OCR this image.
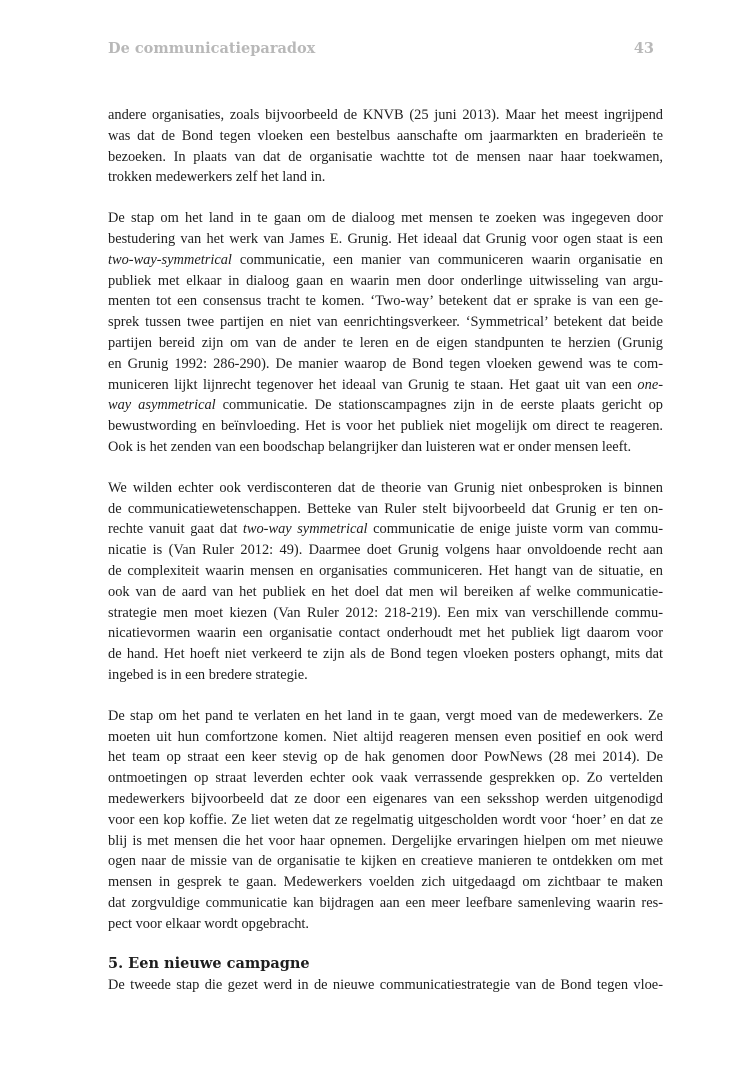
De communicatieparadox	43

andere organisaties, zoals bijvoorbeeld de KNVB (25 juni 2013). Maar het meest ingrijpend
was dat de Bond tegen vloeken een bestelbus aanschafte om jaarmarkten en braderieën te
bezoeken. In plaats van dat de organisatie wachtte tot de mensen naar haar toekwamen,
trokken medewerkers zelf het land in.

De stap om het land in te gaan om de dialoog met mensen te zoeken was ingegeven door
bestudering van het werk van James E. Grunig. Het ideaal dat Grunig voor ogen staat is een
two-way-symmetrical communicatie, een manier van communiceren waarin organisatie en
publiek met elkaar in dialoog gaan en waarin men door onderlinge uitwisseling van argu-
menten tot een consensus tracht te komen. ‘Two-way’ betekent dat er sprake is van een ge-
sprek tussen twee partijen en niet van eenrichtingsverkeer. ‘Symmetrical’ betekent dat beide
partijen bereid zijn om van de ander te leren en de eigen standpunten te herzien (Grunig
en Grunig 1992: 286-290). De manier waarop de Bond tegen vloeken gewend was te com-
municeren lijkt lijnrecht tegenover het ideaal van Grunig te staan. Het gaat uit van een one-
way asymmetrical communicatie. De stationscampagnes zijn in de eerste plaats gericht op
bewustwording en beïnvloeding. Het is voor het publiek niet mogelijk om direct te reageren.
Ook is het zenden van een boodschap belangrijker dan luisteren wat er onder mensen leeft.

We wilden echter ook verdisconteren dat de theorie van Grunig niet onbesproken is binnen
de communicatiewetenschappen. Betteke van Ruler stelt bijvoorbeeld dat Grunig er ten on-
rechte vanuit gaat dat two-way symmetrical communicatie de enige juiste vorm van commu-
nicatie is (Van Ruler 2012: 49). Daarmee doet Grunig volgens haar onvoldoende recht aan
de complexiteit waarin mensen en organisaties communiceren. Het hangt van de situatie, en
ook van de aard van het publiek en het doel dat men wil bereiken af welke communicatie-
strategie men moet kiezen (Van Ruler 2012: 218-219). Een mix van verschillende commu-
nicatievormen waarin een organisatie contact onderhoudt met het publiek ligt daarom voor
de hand. Het hoeft niet verkeerd te zijn als de Bond tegen vloeken posters ophangt, mits dat
ingebed is in een bredere strategie.

De stap om het pand te verlaten en het land in te gaan, vergt moed van de medewerkers. Ze
moeten uit hun comfortzone komen. Niet altijd reageren mensen even positief en ook werd
het team op straat een keer stevig op de hak genomen door PowNews (28 mei 2014). De
ontmoetingen op straat leverden echter ook vaak verrassende gesprekken op. Zo vertelden
medewerkers bijvoorbeeld dat ze door een eigenares van een seksshop werden uitgenodigd
voor een kop koffie. Ze liet weten dat ze regelmatig uitgescholden wordt voor ‘hoer’ en dat ze
blij is met mensen die het voor haar opnemen. Dergelijke ervaringen hielpen om met nieuwe
ogen naar de missie van de organisatie te kijken en creatieve manieren te ontdekken om met
mensen in gesprek te gaan. Medewerkers voelden zich uitgedaagd om zichtbaar te maken
dat zorgvuldige communicatie kan bijdragen aan een meer leefbare samenleving waarin res-
pect voor elkaar wordt opgebracht.

5. Een nieuwe campagne

De tweede stap die gezet werd in de nieuwe communicatiestrategie van de Bond tegen vloe-
